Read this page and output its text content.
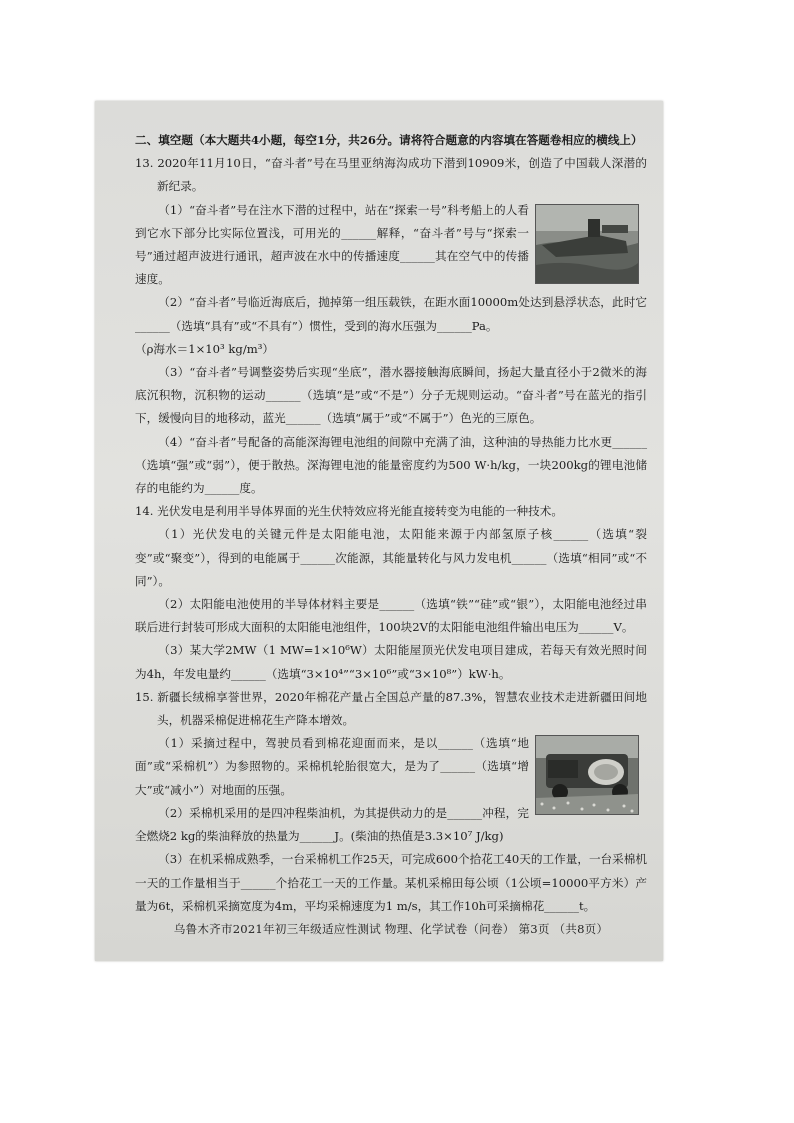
二、填空题（本大题共4小题，每空1分，共26分。请将符合题意的内容填在答题卷相应的横线上）

13. 2020年11月10日，“奋斗者”号在马里亚纳海沟成功下潜到10909米，创造了中国载人深潜的新纪录。

（1）“奋斗者”号在注水下潜的过程中，站在“探索一号”科考船上的人看到它水下部分比实际位置浅，可用光的______解释，“奋斗者”号与“探索一号”通过超声波进行通讯，超声波在水中的传播速度______其在空气中的传播速度。

（2）“奋斗者”号临近海底后，抛掉第一组压载铁，在距水面10000m处达到悬浮状态，此时它______（选填“具有”或“不具有”）惯性，受到的海水压强为______Pa。

（ρ海水＝1×10³ kg/m³）

（3）“奋斗者”号调整姿势后实现“坐底”，潜水器接触海底瞬间，扬起大量直径小于2微米的海底沉积物，沉积物的运动______（选填“是”或“不是”）分子无规则运动。“奋斗者”号在蓝光的指引下，缓慢向目的地移动，蓝光______（选填“属于”或“不属于”）色光的三原色。

（4）“奋斗者”号配备的高能深海锂电池组的间隙中充满了油，这种油的导热能力比水更______（选填“强”或“弱”），便于散热。深海锂电池的能量密度约为500 W·h/kg，一块200kg的锂电池储存的电能约为______度。

14. 光伏发电是利用半导体界面的光生伏特效应将光能直接转变为电能的一种技术。

（1）光伏发电的关键元件是太阳能电池，太阳能来源于内部氢原子核______（选填“裂变”或“聚变”），得到的电能属于______次能源，其能量转化与风力发电机______（选填“相同”或“不同”）。

（2）太阳能电池使用的半导体材料主要是______（选填“铁”“硅”或“银”），太阳能电池经过串联后进行封装可形成大面积的太阳能电池组件，100块2V的太阳能电池组件输出电压为______V。

（3）某大学2MW（1 MW=1×10⁶W）太阳能屋顶光伏发电项目建成，若每天有效光照时间为4h，年发电量约______（选填“3×10⁴”“3×10⁶”或“3×10⁸”）kW·h。

15. 新疆长绒棉享誉世界，2020年棉花产量占全国总产量的87.3%，智慧农业技术走进新疆田间地头，机器采棉促进棉花生产降本增效。

（1）采摘过程中，驾驶员看到棉花迎面而来，是以______（选填“地面”或“采棉机”）为参照物的。采棉机轮胎很宽大，是为了______（选填“增大”或“减小”）对地面的压强。

（2）采棉机采用的是四冲程柴油机，为其提供动力的是______冲程，完全燃烧2 kg的柴油释放的热量为______J。(柴油的热值是3.3×10⁷ J/kg)

（3）在机采棉成熟季，一台采棉机工作25天，可完成600个拾花工40天的工作量，一台采棉机一天的工作量相当于______个拾花工一天的工作量。某机采棉田每公顷（1公顷=10000平方米）产量为6t，采棉机采摘宽度为4m，平均采棉速度为1 m/s，其工作10h可采摘棉花______t。

乌鲁木齐市2021年初三年级适应性测试 物理、化学试卷（问卷） 第3页 （共8页）
